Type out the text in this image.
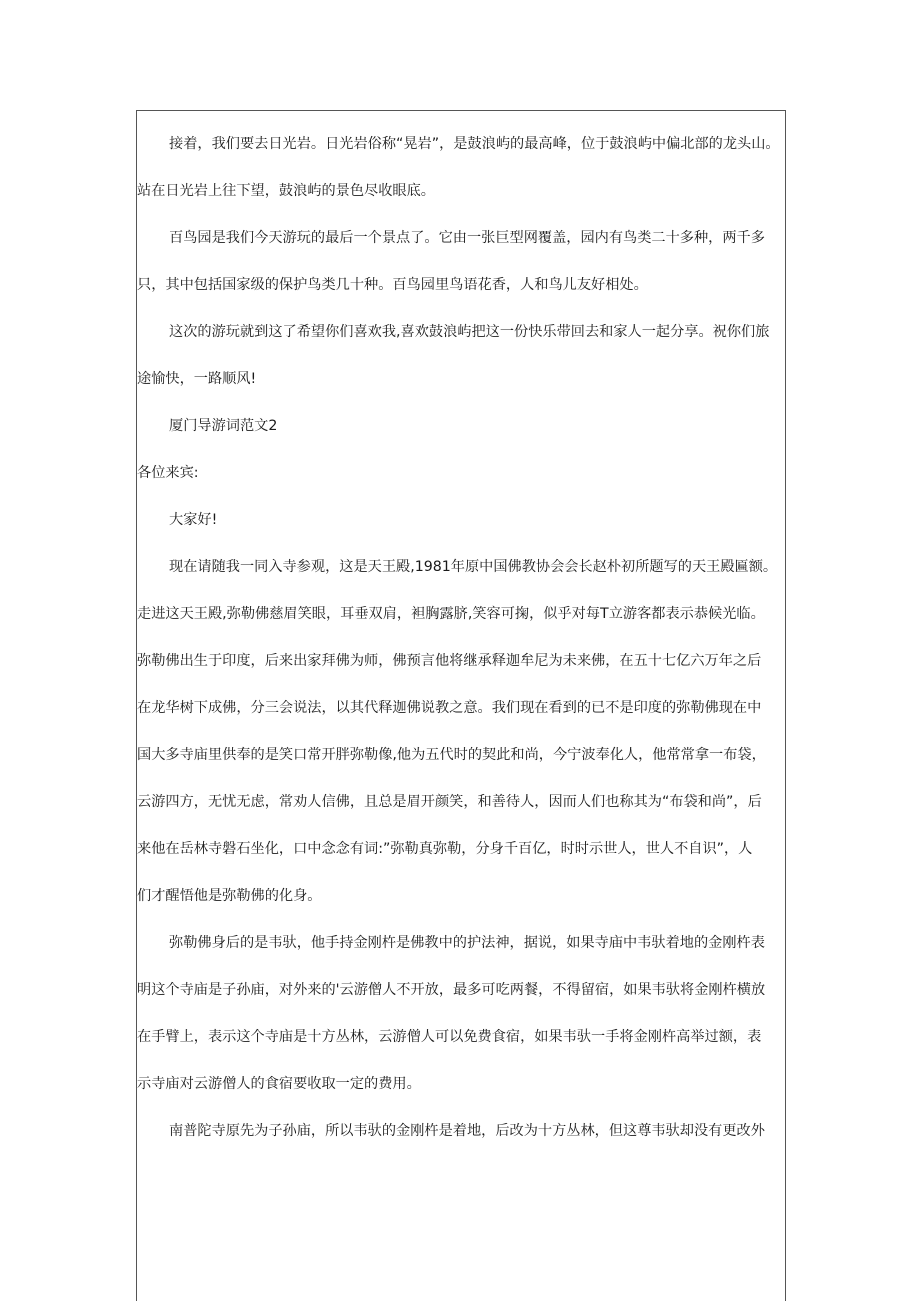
接着，我们要去日光岩。日光岩俗称“晃岩”，是鼓浪屿的最高峰，位于鼓浪屿中偏北部的龙头山。
站在日光岩上往下望，鼓浪屿的景色尽收眼底。
百鸟园是我们今天游玩的最后一个景点了。它由一张巨型网覆盖，园内有鸟类二十多种，两千多
只，其中包括国家级的保护鸟类几十种。百鸟园里鸟语花香，人和鸟儿友好相处。
这次的游玩就到这了希望你们喜欢我,喜欢鼓浪屿把这一份快乐带回去和家人一起分享。祝你们旅
途愉快，一路顺风!
厦门导游词范文2
各位来宾:
大家好!
现在请随我一同入寺参观，这是天王殿,1981年原中国佛教协会会长赵朴初所题写的天王殿匾额。
走进这天王殿,弥勒佛慈眉笑眼，耳垂双肩，袒胸露脐,笑容可掬，似乎对每T立游客都表示恭候光临。
弥勒佛出生于印度，后来出家拜佛为师，佛预言他将继承释迦牟尼为未来佛，在五十七亿六万年之后
在龙华树下成佛，分三会说法，以其代释迦佛说教之意。我们现在看到的已不是印度的弥勒佛现在中
国大多寺庙里供奉的是笑口常开胖弥勒像,他为五代时的契此和尚，今宁波奉化人，他常常拿一布袋，
云游四方，无忧无虑，常劝人信佛，且总是眉开颜笑，和善待人，因而人们也称其为“布袋和尚”，后
来他在岳林寺磐石坐化，口中念念有词:”弥勒真弥勒，分身千百亿，时时示世人，世人不自识”，人
们才醒悟他是弥勒佛的化身。
弥勒佛身后的是韦驮，他手持金刚杵是佛教中的护法神，据说，如果寺庙中韦驮着地的金刚杵表
明这个寺庙是子孙庙，对外来的'云游僧人不开放，最多可吃两餐，不得留宿，如果韦驮将金刚杵横放
在手臂上，表示这个寺庙是十方丛林，云游僧人可以免费食宿，如果韦驮一手将金刚杵高举过额，表
示寺庙对云游僧人的食宿要收取一定的费用。
南普陀寺原先为子孙庙，所以韦驮的金刚杵是着地，后改为十方丛林，但这尊韦驮却没有更改外
